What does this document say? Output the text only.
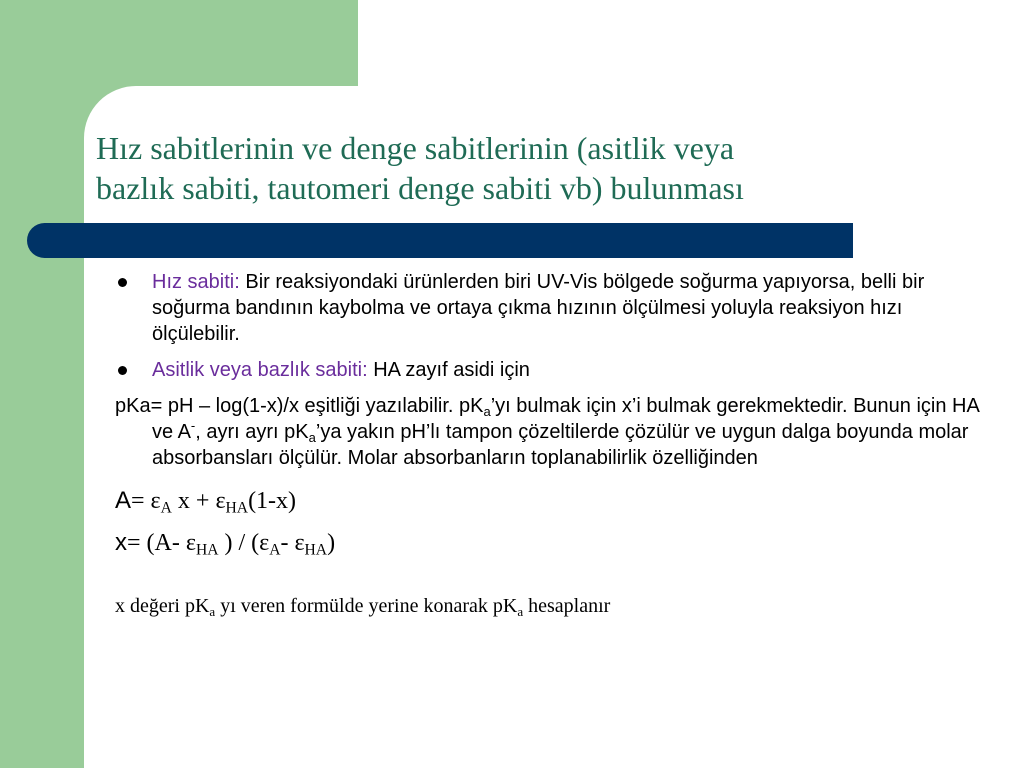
Hız sabitlerinin ve denge sabitlerinin (asitlik veya
bazlık sabiti, tautomeri denge sabiti vb) bulunması
Hız sabiti: Bir reaksiyondaki ürünlerden biri UV-Vis bölgede soğurma yapıyorsa, belli bir soğurma bandının kaybolma ve ortaya çıkma hızının ölçülmesi yoluyla reaksiyon hızı ölçülebilir.
Asitlik veya bazlık sabiti: HA zayıf asidi için
pKa= pH – log(1-x)/x eşitliği yazılabilir. $pK_a’yı$ bulmak için x’i bulmak gerekmektedir. Bunun için HA ve A-, ayrı ayrı $pK_a’ya$ yakın pH’lı tampon çözeltilerde çözülür ve uygun dalga boyunda molar absorbansları ölçülür. Molar absorbanların toplanabilirlik özelliğinden
$A= \varepsilon_A$ $x + \varepsilon_{HA}(1-x)$
x= (A- $\varepsilon_{HA}$ ) / ($\varepsilon_A-$ $\varepsilon_{HA}$)
x değeri $pK_a$ yı veren formülde yerine konarak $pK_a$ hesaplanır
